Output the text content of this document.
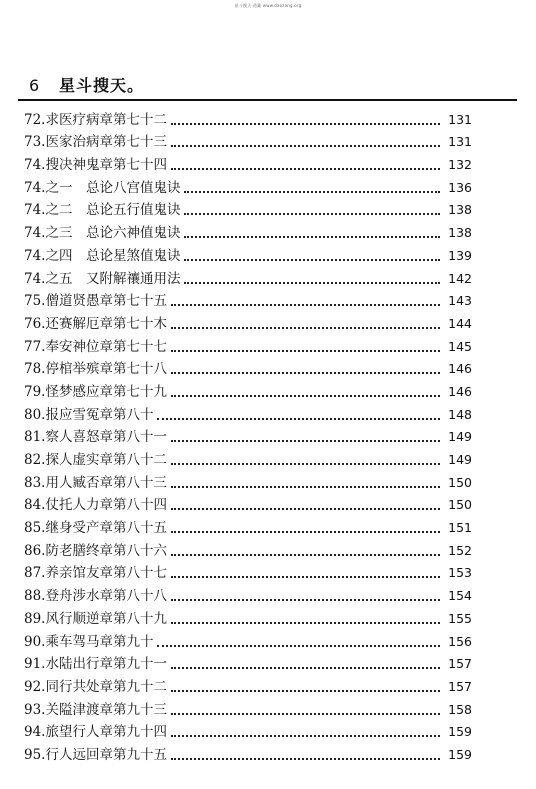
星斗搜天·道藏 www.daozang.org
6	星斗搜天。
72.求医疗病章第七十二	131
73.医家治病章第七十三	131
74.搜决神鬼章第七十四	132
74.之一　总论八宫值鬼诀	136
74.之二　总论五行值鬼诀	138
74.之三　总论六神值鬼诀	138
74.之四　总论星煞值鬼诀	139
74.之五　又附解禳通用法	142
75.僧道贤愚章第七十五	143
76.还赛解厄章第七十木	144
77.奉安神位章第七十七	145
78.停棺举殡章第七十八	146
79.怪梦感应章第七十九	146
80.报应雪冤章第八十	148
81.察人喜怒章第八十一	149
82.探人虚实章第八十二	149
83.用人臧否章第八十三	150
84.仗托人力章第八十四	150
85.继身受产章第八十五	151
86.防老膳终章第八十六	152
87.养亲馆友章第八十七	153
88.登舟涉水章第八十八	154
89.风行顺逆章第八十九	155
90.乘车驾马章第九十	156
91.水陆出行章第九十一	157
92.同行共处章第九十二	157
93.关隘津渡章第九十三	158
94.旅望行人章第九十四	159
95.行人远回章第九十五	159
